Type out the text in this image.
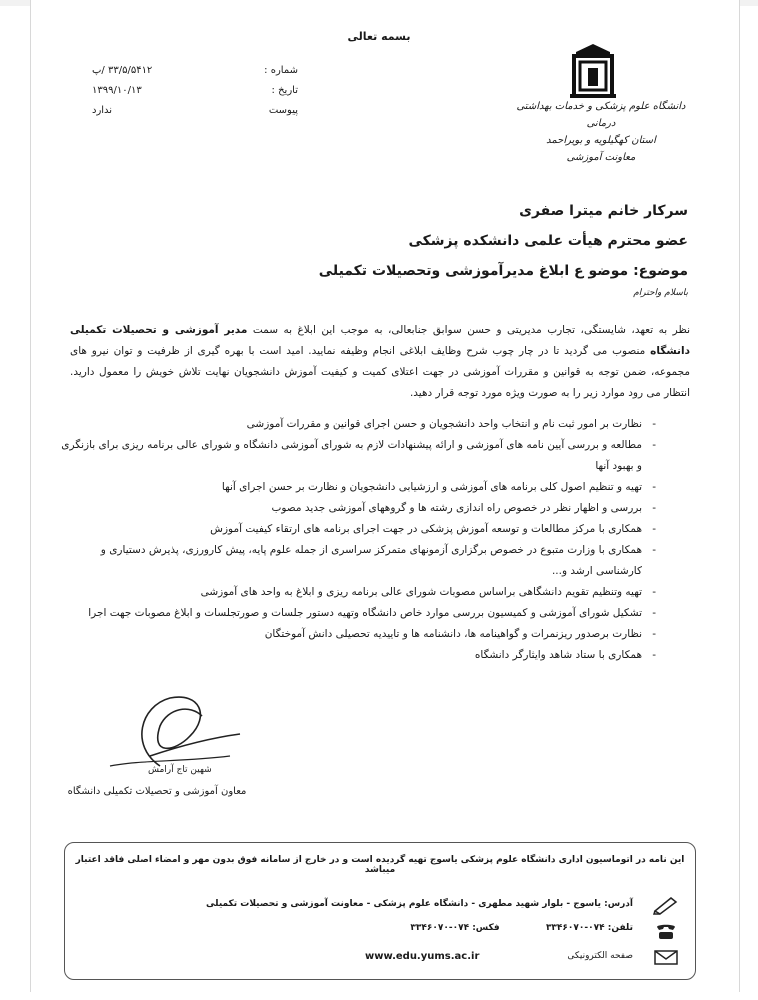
بسمه تعالی
شماره :
۳۳/۵/۵۴۱۲ /پ
تاریخ :
۱۳۹۹/۱۰/۱۳
پیوست
ندارد	دانشگاه علوم پزشکی و خدمات بهداشتی درمانی
استان کهگیلویه و بویراحمد
معاونت آموزشی
سرکار خانم میترا صفری
عضو محترم هیأت علمی دانشکده پزشکی
موضوع: موضو ع ابلاغ مدیرآموزشی وتحصیلات تکمیلی
باسلام واحترام
نظر به تعهد، شایستگی، تجارب مدیریتی و حسن سوابق جنابعالی، به موجب این ابلاغ به سمت مدیر آموزشی و تحصیلات تکمیلی دانشگاه منصوب می گردید تا در چار چوب شرح وظایف ابلاغی انجام وظیفه نمایید. امید است با بهره گیری از ظرفیت و توان نیرو های مجموعه، ضمن توجه به قوانین و مقررات آموزشی در جهت اعتلای کمیت و کیفیت آموزش دانشجویان نهایت تلاش خویش را معمول دارید. انتظار می رود موارد زیر را به صورت ویژه مورد توجه قرار دهید.
- نظارت بر امور ثبت نام و انتخاب واحد دانشجویان و حسن اجرای قوانین و مقررات آموزشی
- مطالعه و بررسی آیین نامه های آموزشی و ارائه پیشنهادات لازم به شورای آموزشی دانشگاه و شورای عالی برنامه ریزی برای بازنگری و بهبود آنها
- تهیه و تنظیم اصول کلی برنامه های آموزشی و ارزشیابی دانشجویان و نظارت بر حسن اجرای آنها
- بررسی و اظهار نظر در خصوص راه اندازی رشته ها و گروههای آموزشی جدید مصوب
- همکاری با مرکز مطالعات و توسعه آموزش پزشکی در جهت اجرای برنامه های ارتقاء کیفیت آموزش
- همکاری با وزارت متبوع در خصوص برگزاری آزمونهای متمرکز سراسری از جمله علوم پایه، پیش کارورزی، پذیرش دستیاری و کارشناسی ارشد و...
- تهیه وتنظیم تقویم دانشگاهی براساس مصوبات شورای عالی برنامه ریزی و ابلاغ به واحد های آموزشی
- تشکیل شورای آموزشی و کمیسیون بررسی موارد خاص دانشگاه وتهیه دستور جلسات و صورتجلسات و ابلاغ مصوبات جهت اجرا
- نظارت برصدور ریزنمرات و گواهینامه ها، دانشنامه ها و تاییدیه تحصیلی دانش آموختگان
- همکاری با ستاد شاهد وایثارگر دانشگاه
شهین تاج آرامش
معاون آموزشی و تحصیلات تکمیلی دانشگاه
این نامه در اتوماسیون اداری دانشگاه علوم پزشکی یاسوج تهیه گردیده است و در خارج از سامانه فوق بدون مهر و امضاء اصلی فاقد اعتبار میباشد
آدرس: یاسوج - بلوار شهید مطهری - دانشگاه علوم پزشکی - معاونت آموزشی و تحصیلات تکمیلی
تلفن: ۰۷۴-۳۳۴۶۰۷۰  فکس: ۰۷۴-۳۳۴۶۰۷۰
صفحه الکترونیکی
www.edu.yums.ac.ir
